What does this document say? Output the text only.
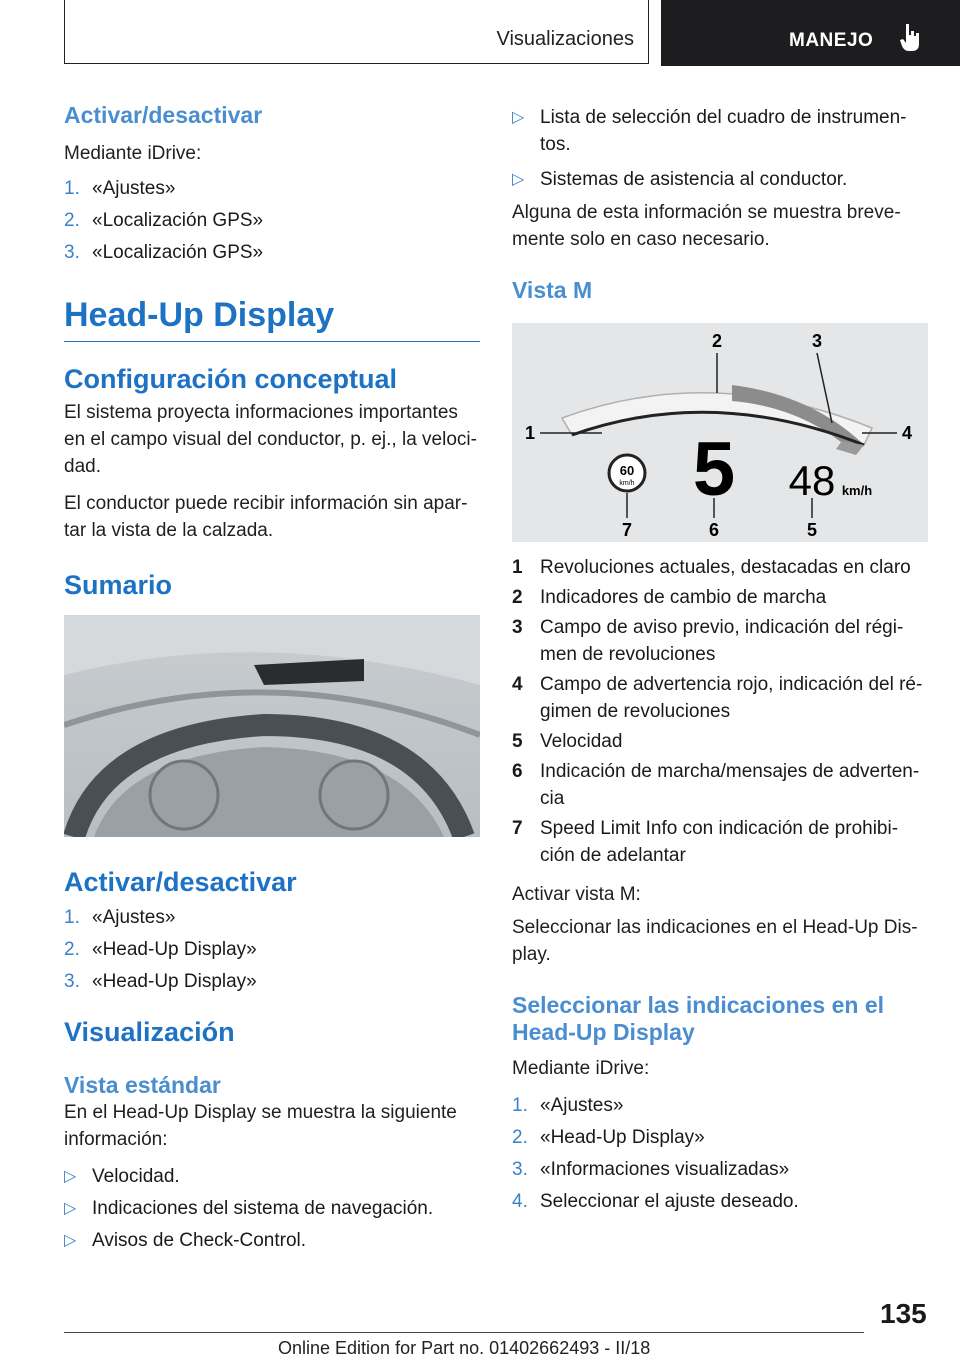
Visualizaciones	MANEJO
Activar/desactivar

Mediante iDrive:

1. «Ajustes»
2. «Localización GPS»
3. «Localización GPS»
Head-Up Display
Configuración conceptual

El sistema proyecta informaciones importantes en el campo visual del conductor, p. ej., la veloci-dad.

El conductor puede recibir información sin apar-tar la vista de la calzada.

Sumario
Activar/desactivar
1. «Ajustes»
2. «Head-Up Display»
3. «Head-Up Display»
Visualización
Vista estándar

En el Head-Up Display se muestra la siguiente información:

▷ Velocidad.
▷ Indicaciones del sistema de navegación.
▷ Avisos de Check-Control.
▷ Lista de selección del cuadro de instrumen-tos.
▷ Sistemas de asistencia al conductor.

Alguna de esta información se muestra breve-mente solo en caso necesario.

Vista M
60
km/h 5 48 km/h
1
2	3
4
5
6
7
1 Revoluciones actuales, destacadas en claro
2 Indicadores de cambio de marcha
3 Campo de aviso previo, indicación del régi-men de revoluciones
4 Campo de advertencia rojo, indicación del ré-gimen de revoluciones
5 Velocidad
6 Indicación de marcha/mensajes de adverten-cia
7 Speed Limit Info con indicación de prohibi-ción de adelantar

Activar vista M:

Seleccionar las indicaciones en el Head-Up Dis-play.

Seleccionar las indicaciones en el Head-Up Display

Mediante iDrive:

1. «Ajustes»
2. «Head-Up Display»
3. «Informaciones visualizadas»
4. Seleccionar el ajuste deseado.
135
Online Edition for Part no. 01402662493 - II/18
